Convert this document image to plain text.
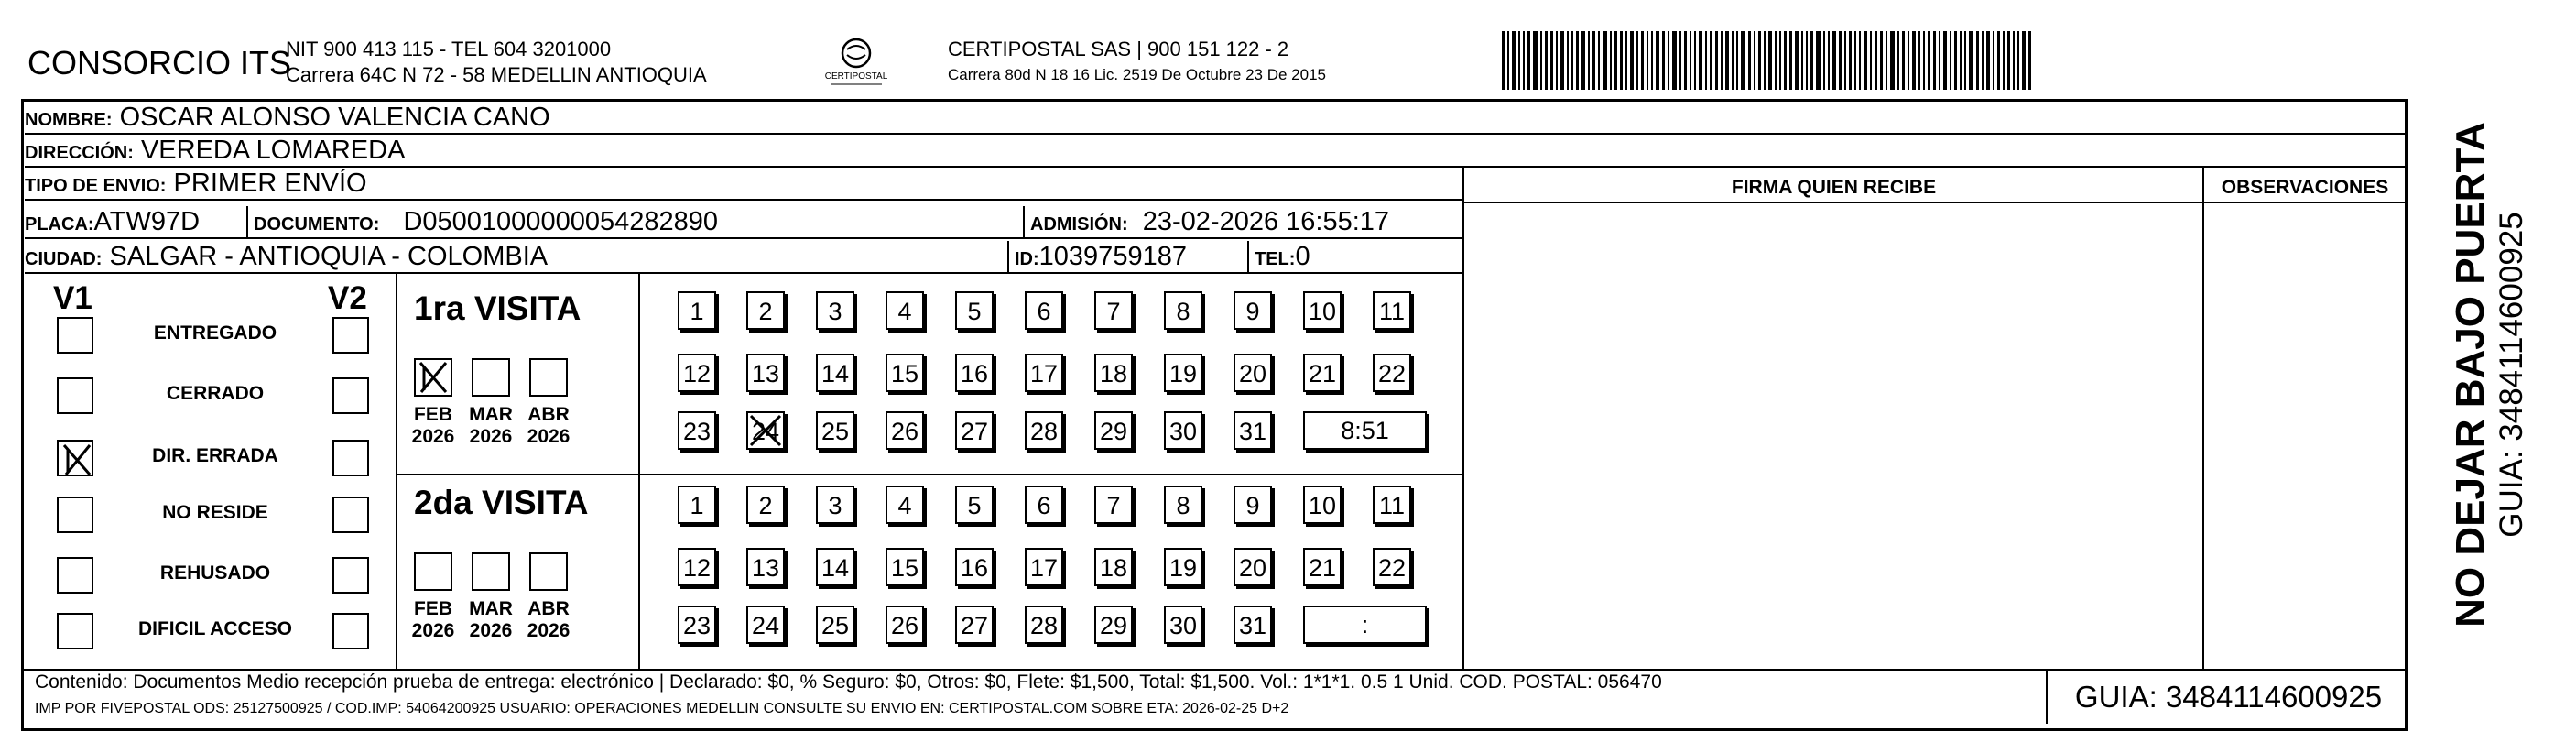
CONSORCIO ITS
NIT 900 413 115 - TEL 604 3201000
Carrera 64C N 72 - 58 MEDELLIN ANTIOQUIA	CERTIPOSTAL
CERTIPOSTAL SAS | 900 151 122 - 2
Carrera 80d N 18 16 Lic. 2519 De Octubre 23 De 2015
NOMBRE: OSCAR ALONSO VALENCIA CANO
DIRECCIÓN: VEREDA LOMAREDA
TIPO DE ENVIO: PRIMER ENVÍO
PLACA:ATW97D	DOCUMENTO: D05001000000054282890	ADMISIÓN: 23-02-2026 16:55:17
CIUDAD: SALGAR - ANTIOQUIA - COLOMBIA	ID:1039759187	TEL:0
FIRMA QUIEN RECIBE	OBSERVACIONES
V1	V2
ENTREGADO
CERRADO
DIR. ERRADA
NO RESIDE
REHUSADO
DIFICIL ACCESO
1ra VISITA
FEB
2026
MAR
2026
ABR
2026
1	2	3	4	5	6	7	8	9	10 11
12 13 14 15 16 17 18 19 20 21 22
23 24 25 26 27 28 29 30 31	8:51
2da VISITA
FEB
2026
MAR
2026
ABR
2026
1	2	3	4	5	6	7	8	9	10 11
12 13 14 15 16 17 18 19 20 21 22
23 24 25 26 27 28 29 30 31	:
Contenido: Documentos Medio recepción prueba de entrega: electrónico | Declarado: $0, % Seguro: $0, Otros: $0, Flete: $1,500, Total: $1,500. Vol.: 1*1*1. 0.5 1 Unid. COD. POSTAL: 056470
IMP POR FIVEPOSTAL ODS: 25127500925 / COD.IMP: 54064200925 USUARIO: OPERACIONES MEDELLIN CONSULTE SU ENVIO EN: CERTIPOSTAL.COM SOBRE ETA: 2026-02-25 D+2	GUIA: 3484114600925
NO DEJAR BAJO PUERTA GUIA: 3484114600925
